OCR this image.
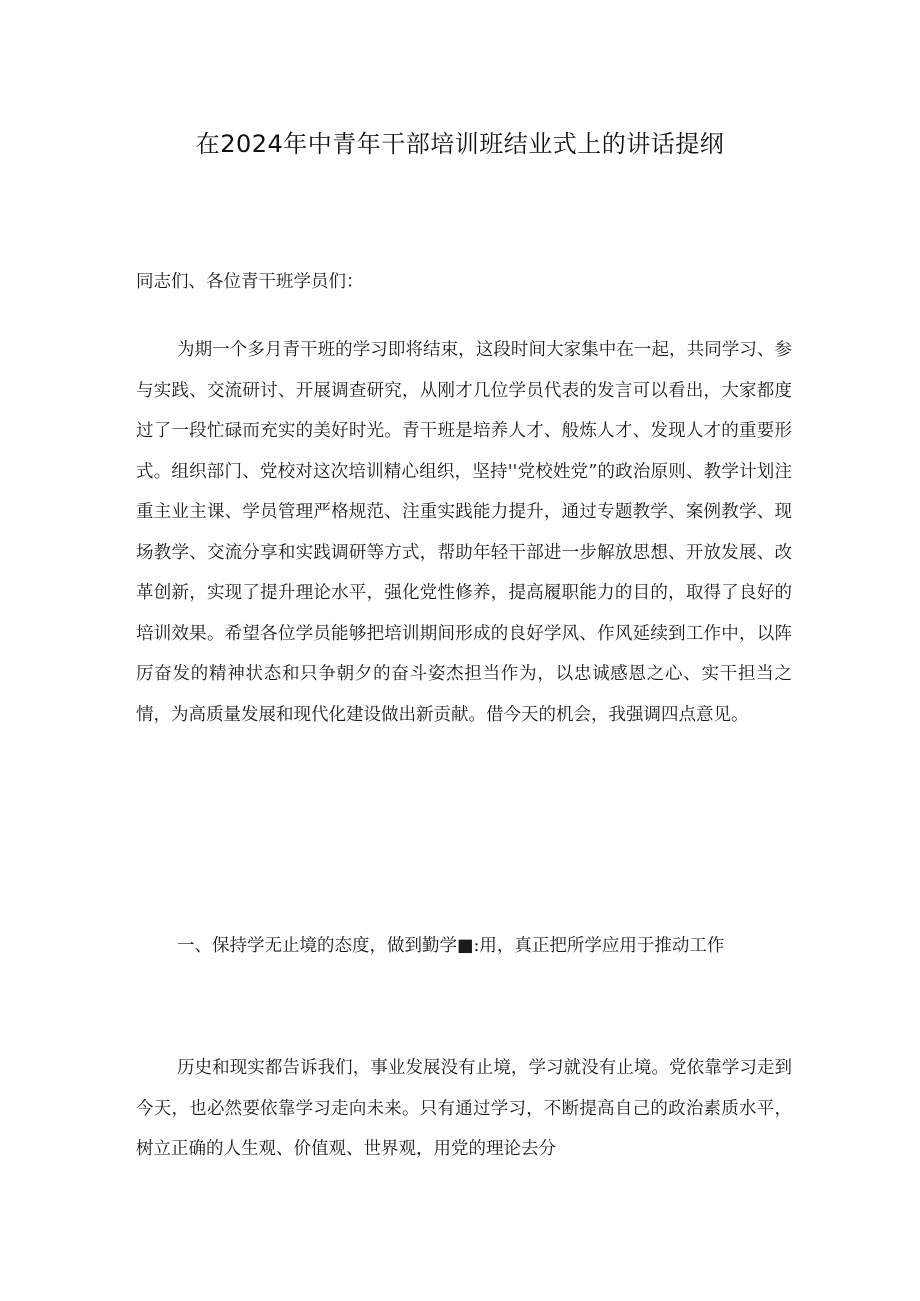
在2024年中青年干部培训班结业式上的讲话提纲

同志们、各位青干班学员们：

为期一个多月青干班的学习即将结束，这段时间大家集中在一起，共同学习、参与实践、交流研讨、开展调查研究，从刚才几位学员代表的发言可以看出，大家都度过了一段忙碌而充实的美好时光。青干班是培养人才、般炼人才、发现人才的重要形式。组织部门、党校对这次培训精心组织，坚持''党校姓党”的政治原则、教学计划注重主业主课、学员管理严格规范、注重实践能力提升，通过专题教学、案例教学、现场教学、交流分享和实践调研等方式，帮助年轻干部进一步解放思想、开放发展、改革创新，实现了提升理论水平，强化党性修养，提高履职能力的目的，取得了良好的培训效果。希望各位学员能够把培训期间形成的良好学风、作风延续到工作中，以阵厉奋发的精神状态和只争朝夕的奋斗姿杰担当作为，以忠诚感恩之心、实干担当之情，为高质量发展和现代化建设做出新贡献。借今天的机会，我强调四点意见。

一、保持学无止境的态度，做到勤学■:用，真正把所学应用于推动工作

历史和现实都告诉我们，事业发展没有止境，学习就没有止境。党依靠学习走到今天，也必然要依靠学习走向未来。只有通过学习，不断提高自己的政治素质水平，树立正确的人生观、价值观、世界观，用党的理论去分
